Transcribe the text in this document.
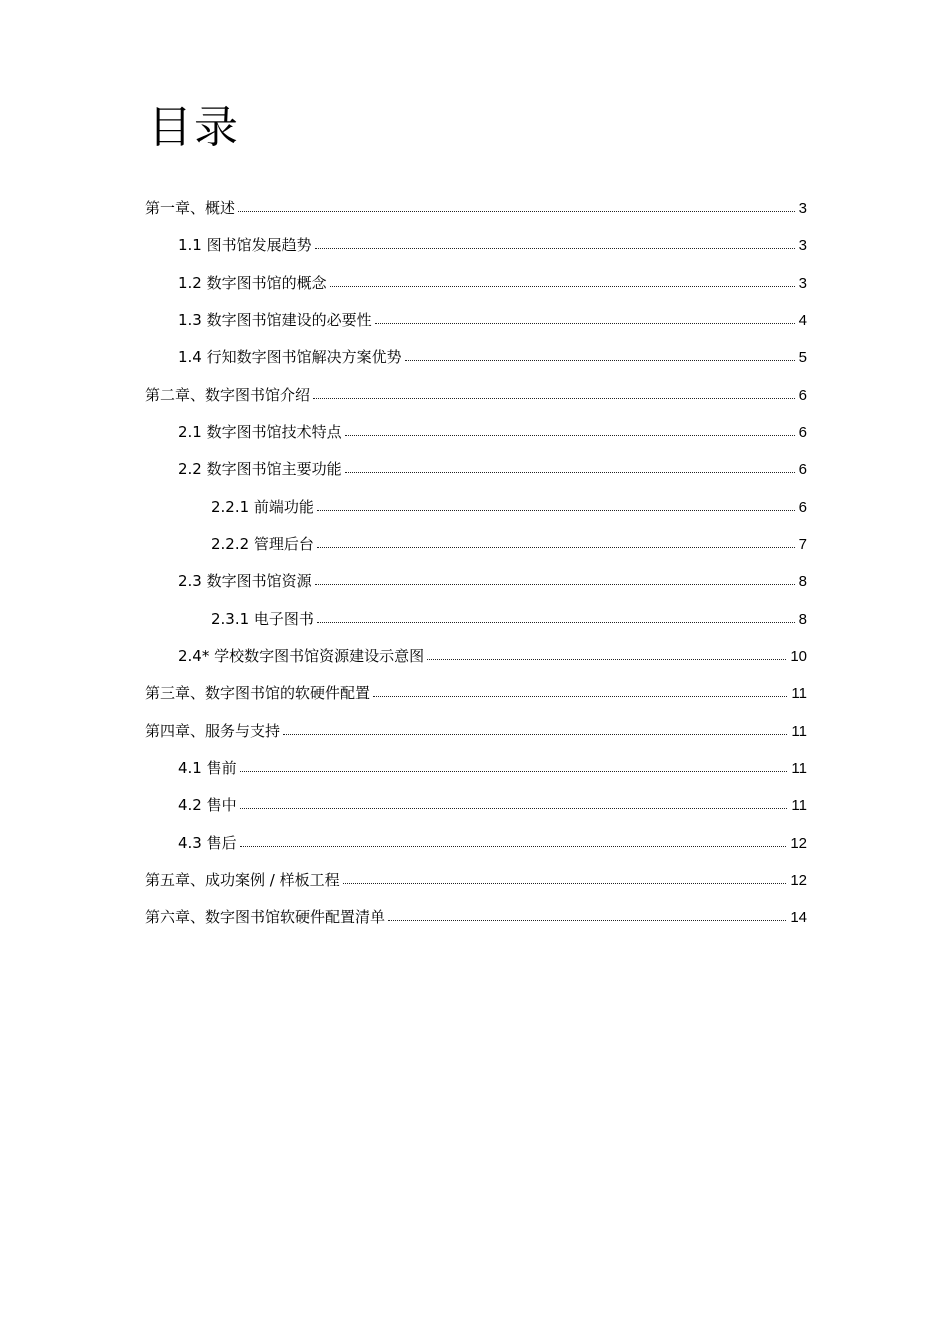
目录
第一章、概述	3
1.1 图书馆发展趋势	3
1.2 数字图书馆的概念	3
1.3 数字图书馆建设的必要性	4
1.4 行知数字图书馆解决方案优势	5
第二章、数字图书馆介绍	6
2.1 数字图书馆技术特点	6
2.2 数字图书馆主要功能	6
2.2.1 前端功能	6
2.2.2 管理后台	7
2.3 数字图书馆资源	8
2.3.1 电子图书	8
2.4* 学校数字图书馆资源建设示意图	10
第三章、数字图书馆的软硬件配置	11
第四章、服务与支持	11
4.1 售前	11
4.2 售中	11
4.3 售后	12
第五章、成功案例 / 样板工程	12
第六章、数字图书馆软硬件配置清单	14
